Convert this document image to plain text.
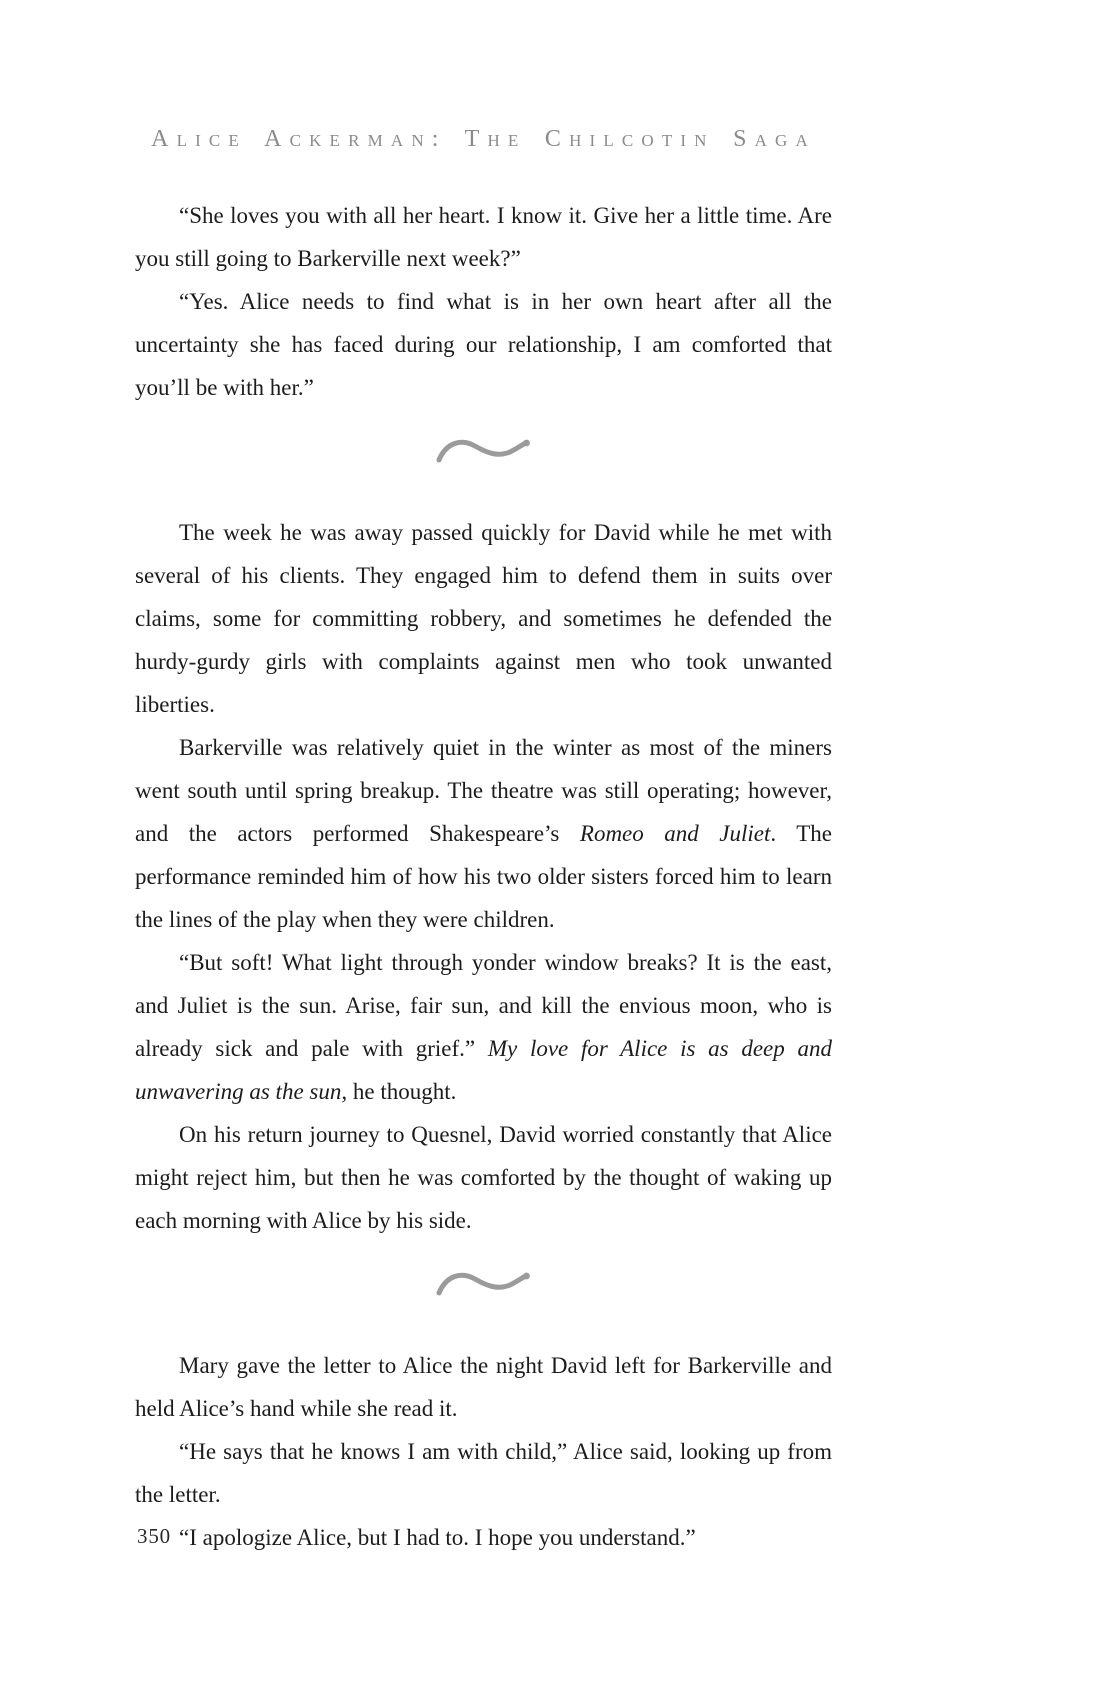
Alice Ackerman: The Chilcotin Saga

“She loves you with all her heart. I know it. Give her a little time. Are you still going to Barkerville next week?”

“Yes. Alice needs to find what is in her own heart after all the uncertainty she has faced during our relationship, I am comforted that you’ll be with her.”

The week he was away passed quickly for David while he met with several of his clients. They engaged him to defend them in suits over claims, some for committing robbery, and sometimes he defended the hurdy-gurdy girls with complaints against men who took unwanted liberties.

Barkerville was relatively quiet in the winter as most of the miners went south until spring breakup. The theatre was still operating; however, and the actors performed Shakespeare’s Romeo and Juliet. The performance reminded him of how his two older sisters forced him to learn the lines of the play when they were children.

“But soft! What light through yonder window breaks? It is the east, and Juliet is the sun. Arise, fair sun, and kill the envious moon, who is already sick and pale with grief.” My love for Alice is as deep and unwavering as the sun, he thought.

On his return journey to Quesnel, David worried constantly that Alice might reject him, but then he was comforted by the thought of waking up each morning with Alice by his side.

Mary gave the letter to Alice the night David left for Barkerville and held Alice’s hand while she read it.

“He says that he knows I am with child,” Alice said, looking up from the letter.

“I apologize Alice, but I had to. I hope you understand.”

350
